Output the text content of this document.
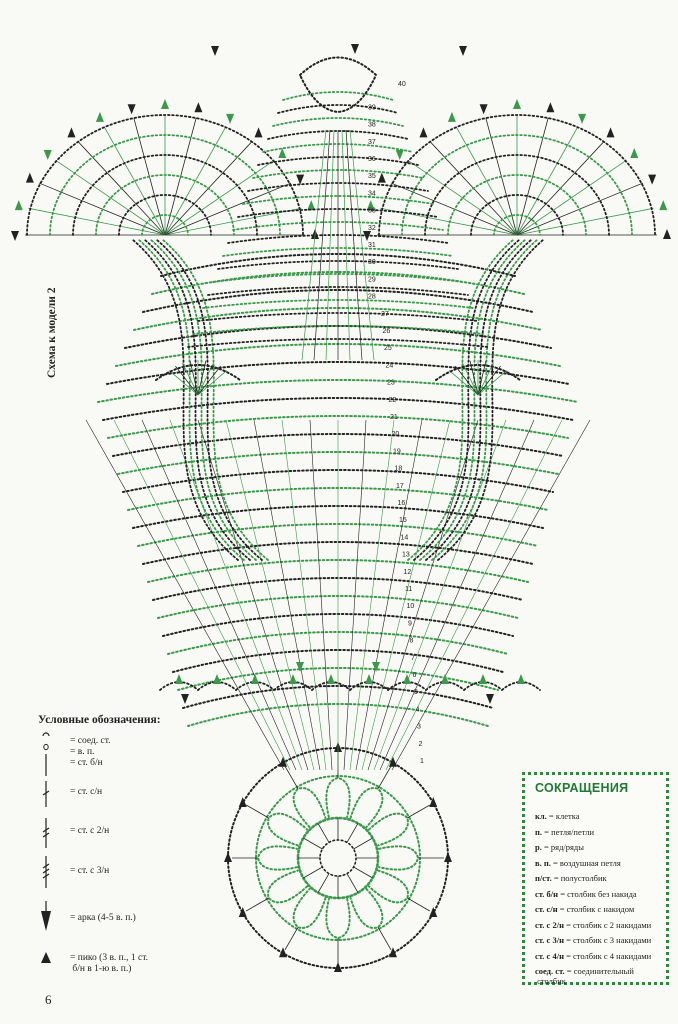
1
2
3
4
5
6
7
8
9
10
11
12
13
14
15
16
17
18
19
20
21
22
23
24
25
26
27
28
29
30
31
32
33
34
35
36
37
38
39
40
Схема к модели 2
Условные обозначения:
= соед. ст.
= в. п.
= ст. б/н
= ст. с/н
= ст. с 2/н
= ст. с 3/н
= арка (4-5 в. п.)
= пико (3 в. п., 1 ст.
б/н в 1-ю в. п.)
СОКРАЩЕНИЯ
кл. = клетка
п. = петля/петли
р. = ряд/ряды
в. п. = воздушная петля
п/ст. = полустолбик
ст. б/н = столбик без накида
ст. с/н = столбик с накидом
ст. с 2/н = столбик с 2 накидами
ст. с 3/н = столбик с 3 накидами
ст. с 4/н = столбик с 4 накидами
соед. ст. = соединительный
столбик
6
